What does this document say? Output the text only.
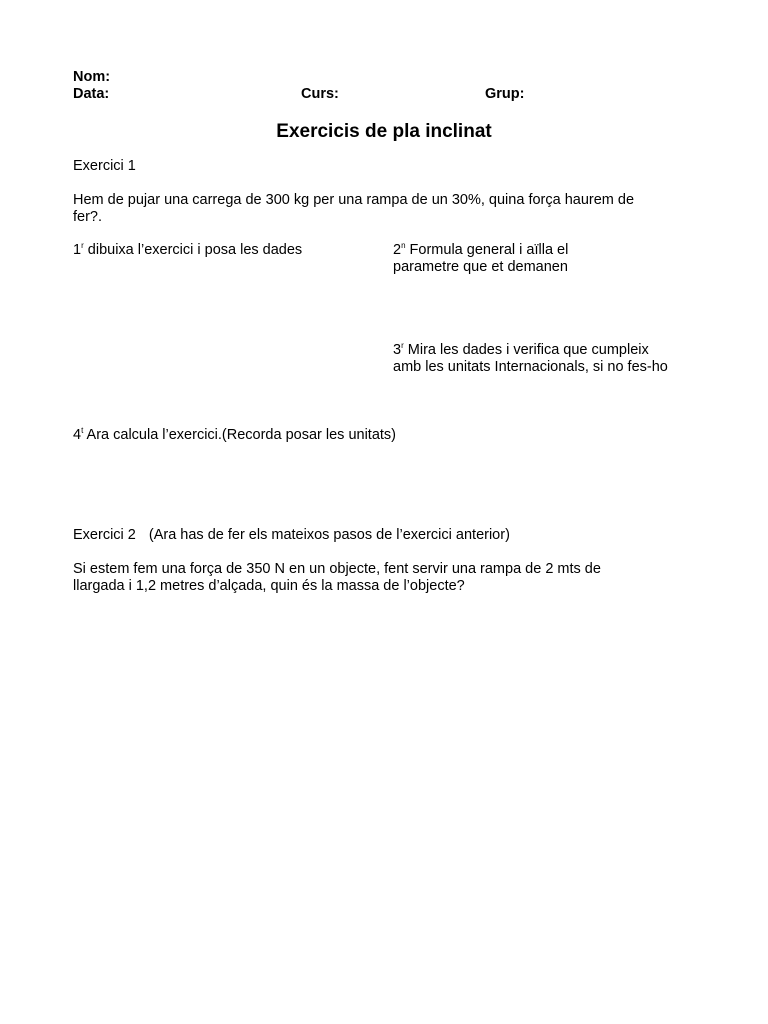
Nom:
Data:	Curs:	Grup:
Exercicis de pla inclinat
Exercici 1
Hem de pujar una carrega de 300 kg per una rampa de un 30%, quina força haurem de
fer?.
1$^r$ dibuixa l’exercici i posa les dades	2$^n$ Formula general i aïlla el
parametre que et demanen
3$^r$ Mira les dades i verifica que cumpleix
amb les unitats Internacionals, si no fes-ho
4$^t$ Ara calcula l’exercici.(Recorda posar les unitats)
Exercici 2 (Ara has de fer els mateixos pasos de l’exercici anterior)
Si estem fem una força de 350 N en un objecte, fent servir una rampa de 2 mts de
llargada i 1,2 metres d’alçada, quin és la massa de l’objecte?
